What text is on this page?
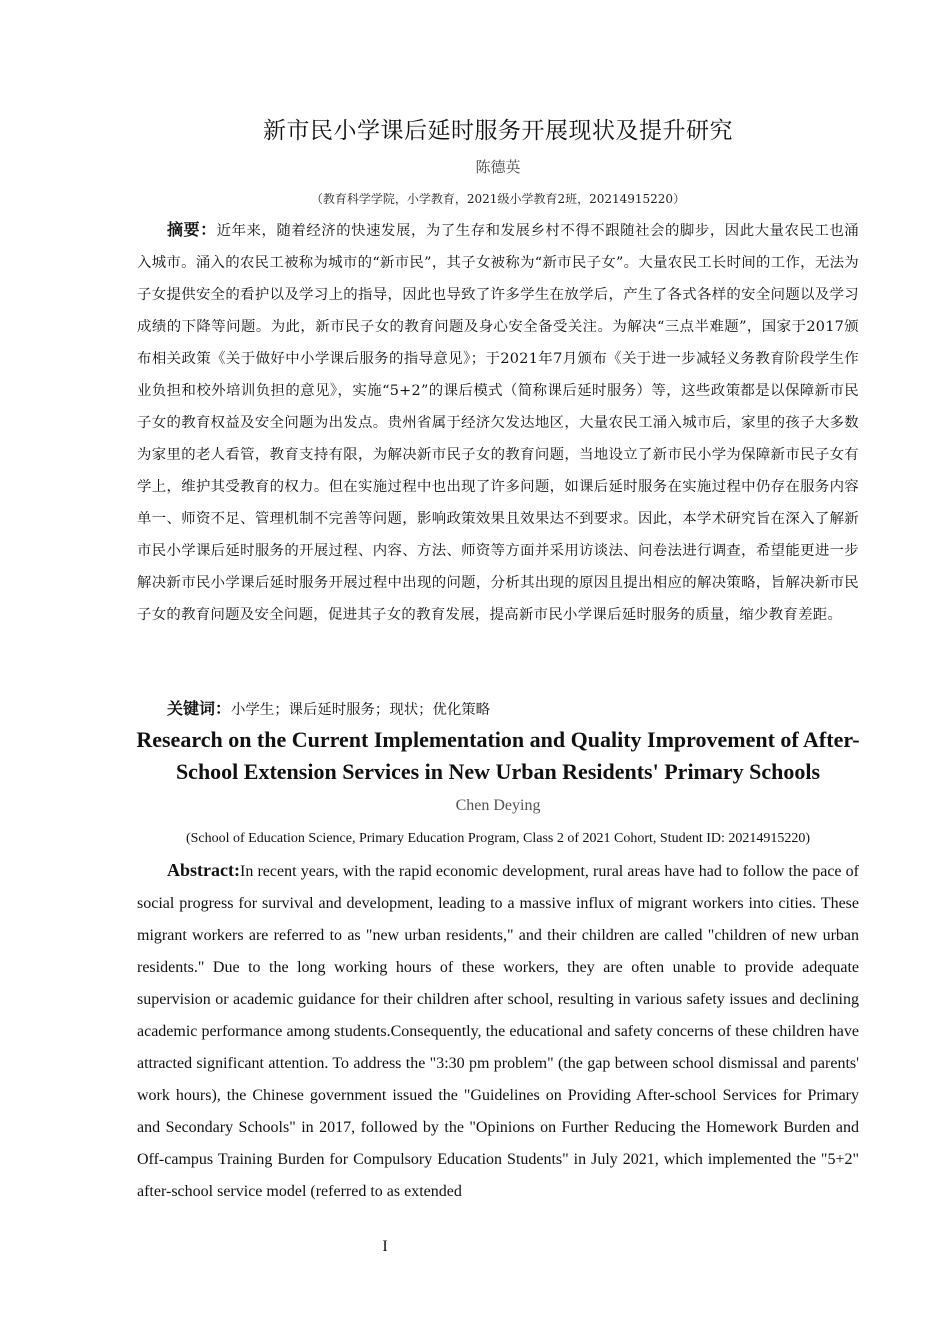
新市民小学课后延时服务开展现状及提升研究
陈德英
（教育科学学院，小学教育，2021级小学教育2班，20214915220）

摘要：近年来，随着经济的快速发展，为了生存和发展乡村不得不跟随社会的脚步，因此大量农民工也涌入城市。涌入的农民工被称为城市的“新市民”，其子女被称为“新市民子女”。大量农民工长时间的工作，无法为子女提供安全的看护以及学习上的指导，因此也导致了许多学生在放学后，产生了各式各样的安全问题以及学习成绩的下降等问题。为此，新市民子女的教育问题及身心安全备受关注。为解决“三点半难题”，国家于2017颁布相关政策《关于做好中小学课后服务的指导意见》；于2021年7月颁布《关于进一步减轻义务教育阶段学生作业负担和校外培训负担的意见》，实施“5+2”的课后模式（简称课后延时服务）等，这些政策都是以保障新市民子女的教育权益及安全问题为出发点。贵州省属于经济欠发达地区，大量农民工涌入城市后，家里的孩子大多数为家里的老人看管，教育支持有限，为解决新市民子女的教育问题，当地设立了新市民小学为保障新市民子女有学上，维护其受教育的权力。但在实施过程中也出现了许多问题，如课后延时服务在实施过程中仍存在服务内容单一、师资不足、管理机制不完善等问题，影响政策效果且效果达不到要求。因此，本学术研究旨在深入了解新市民小学课后延时服务的开展过程、内容、方法、师资等方面并采用访谈法、问卷法进行调查，希望能更进一步解决新市民小学课后延时服务开展过程中出现的问题，分析其出现的原因且提出相应的解决策略，旨解决新市民子女的教育问题及安全问题，促进其子女的教育发展，提高新市民小学课后延时服务的质量，缩少教育差距。

关键词：小学生；课后延时服务；现状；优化策略

Research on the Current Implementation and Quality Improvement of After-School Extension Services in New Urban Residents' Primary Schools
Chen Deying
(School of Education Science, Primary Education Program, Class 2 of 2021 Cohort, Student ID: 20214915220)

Abstract:In recent years, with the rapid economic development, rural areas have had to follow the pace of social progress for survival and development, leading to a massive influx of migrant workers into cities. These migrant workers are referred to as "new urban residents," and their children are called "children of new urban residents." Due to the long working hours of these workers, they are often unable to provide adequate supervision or academic guidance for their children after school, resulting in various safety issues and declining academic performance among students.Consequently, the educational and safety concerns of these children have attracted significant attention. To address the "3:30 pm problem" (the gap between school dismissal and parents' work hours), the Chinese government issued the "Guidelines on Providing After-school Services for Primary and Secondary Schools" in 2017, followed by the "Opinions on Further Reducing the Homework Burden and Off-campus Training Burden for Compulsory Education Students" in July 2021, which implemented the "5+2" after-school service model (referred to as extended

I
